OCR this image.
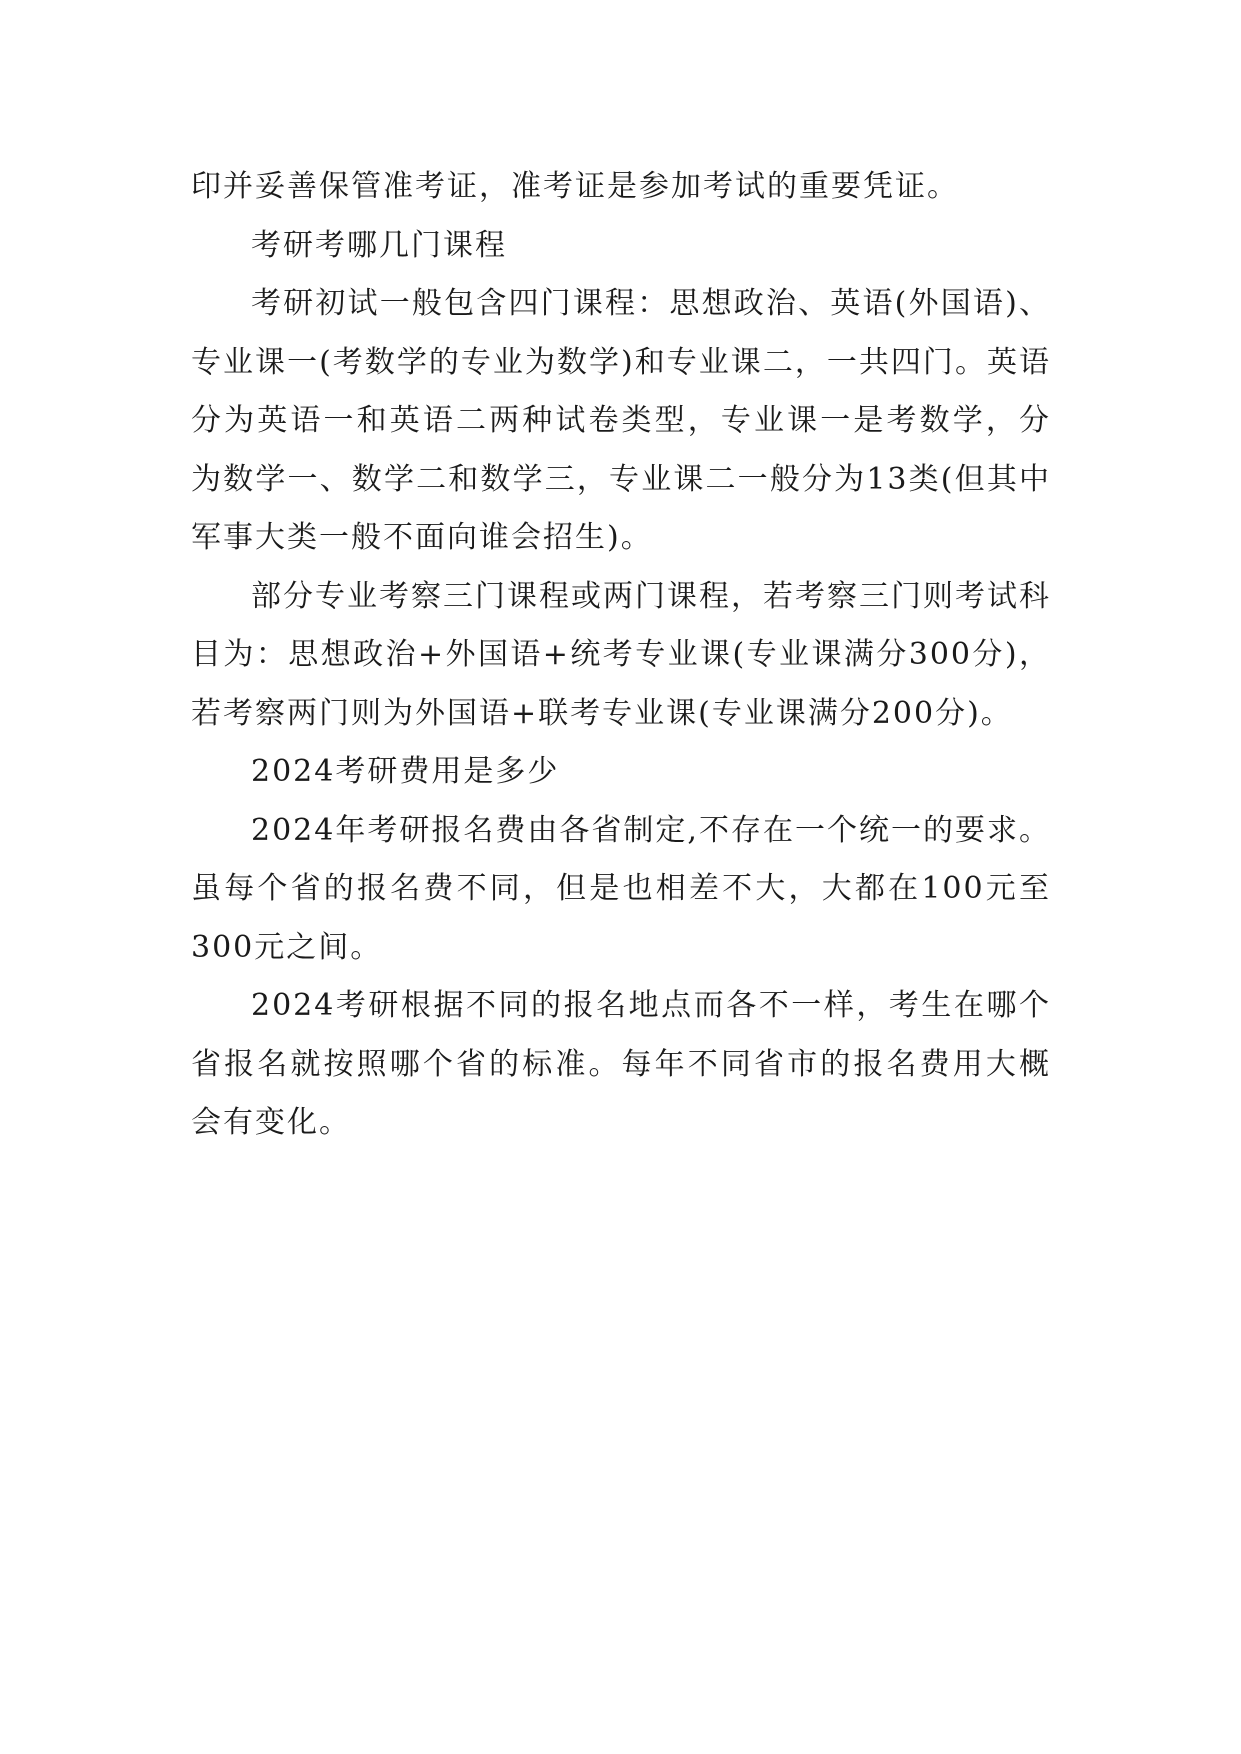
印并妥善保管准考证，准考证是参加考试的重要凭证。

考研考哪几门课程

考研初试一般包含四门课程：思想政治、英语(外国语)、专业课一(考数学的专业为数学)和专业课二，一共四门。英语分为英语一和英语二两种试卷类型，专业课一是考数学，分为数学一、数学二和数学三，专业课二一般分为13类(但其中军事大类一般不面向谁会招生)。

部分专业考察三门课程或两门课程，若考察三门则考试科目为：思想政治+外国语+统考专业课(专业课满分300分)，若考察两门则为外国语+联考专业课(专业课满分200分)。

2024考研费用是多少

2024年考研报名费由各省制定,不存在一个统一的要求。虽每个省的报名费不同，但是也相差不大，大都在100元至300元之间。

2024考研根据不同的报名地点而各不一样，考生在哪个省报名就按照哪个省的标准。每年不同省市的报名费用大概会有变化。
